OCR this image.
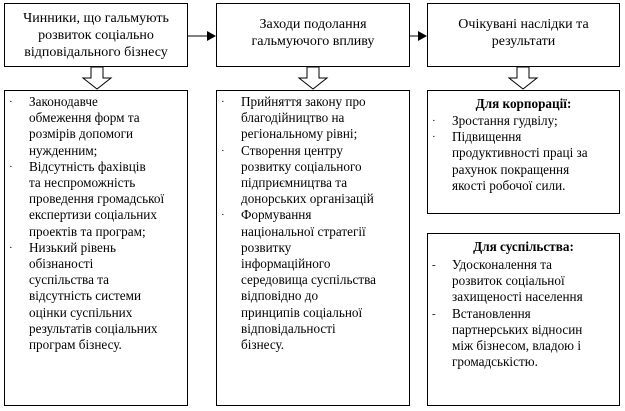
Чинники, що гальмують
розвиток соціально
відповідального бізнесу
Заходи подолання
гальмуючого впливу
Очікувані наслідки та
результати
· Законодавче
обмеження форм та
розмірів допомоги
нужденним;
· Відсутність фахівців
та неспроможність
проведення громадської
експертизи соціальних
проектів та програм;
· Низький рівень
обізнаності
суспільства та
відсутність системи
оцінки суспільних
результатів соціальних
програм бізнесу.
· Прийняття закону про
благодійництво на
регіональному рівні;
· Створення центру
розвитку соціального
підприємництва та
донорських організацій
· Формування
національної стратегії
розвитку
інформаційного
середовища суспільства
відповідно до
принципів соціальної
відповідальності
бізнесу.
Для корпорації:
· Зростання гудвілу;
· Підвищення
продуктивності праці за
рахунок покращення
якості робочої сили.
Для суспільства:
- Удосконалення та
розвиток соціальної
захищеності населення
- Встановлення
партнерських відносин
між бізнесом, владою і
громадськістю.
